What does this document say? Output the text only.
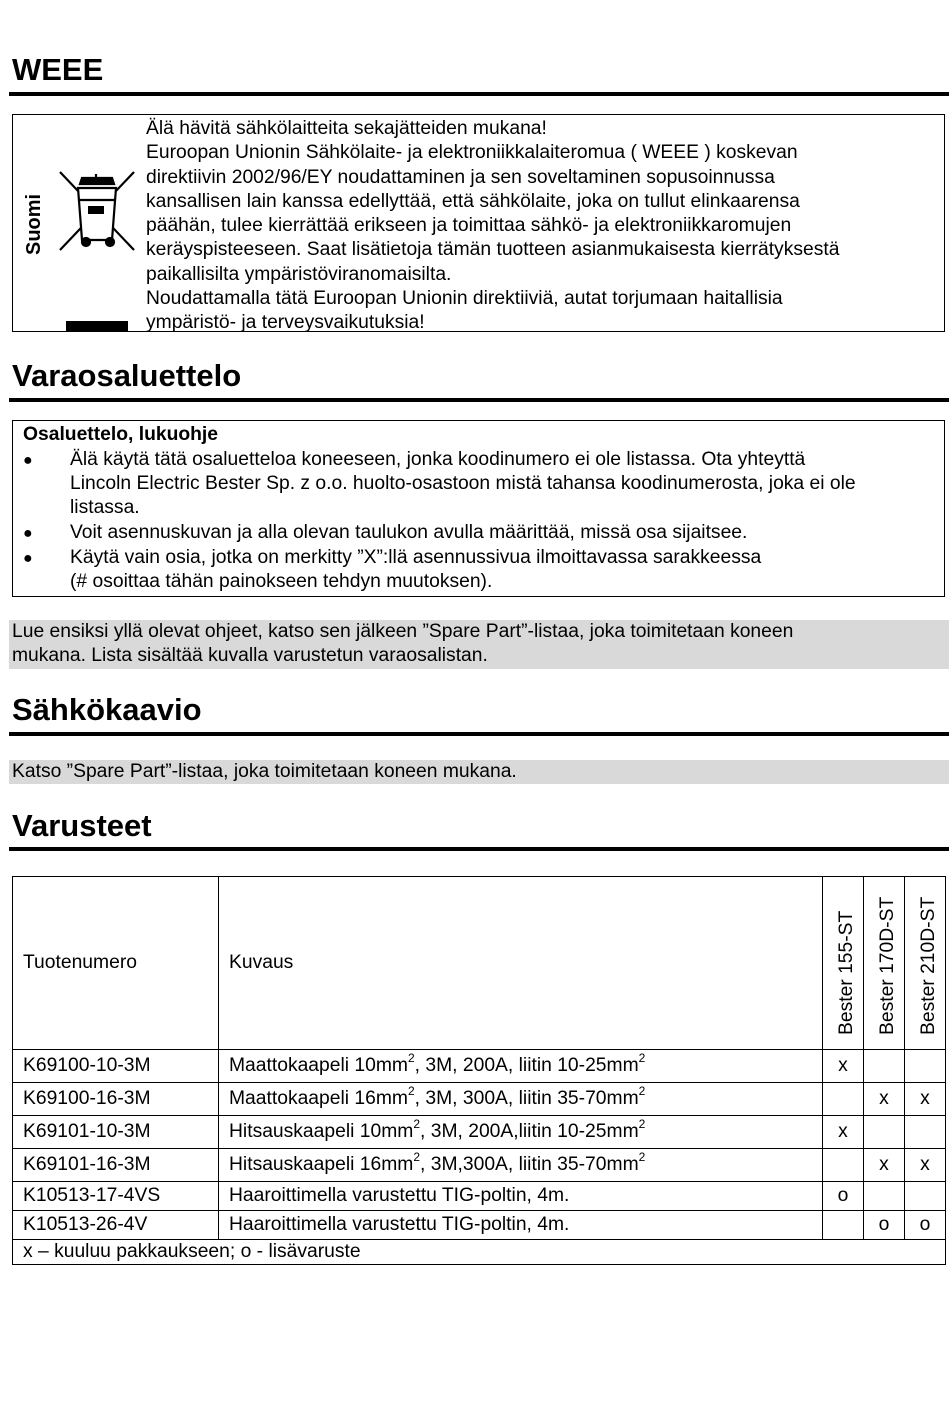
WEEE
Suomi
Älä hävitä sähkölaitteita sekajätteiden mukana!
Euroopan Unionin Sähkölaite- ja elektroniikkalaiteromua ( WEEE ) koskevan
direktiivin 2002/96/EY noudattaminen ja sen soveltaminen sopusoinnussa
kansallisen lain kanssa edellyttää, että sähkölaite, joka on tullut elinkaarensa
päähän, tulee kierrättää erikseen ja toimittaa sähkö- ja elektroniikkaromujen
keräyspisteeseen. Saat lisätietoja tämän tuotteen asianmukaisesta kierrätyksestä
paikallisilta ympäristöviranomaisilta.
Noudattamalla tätä Euroopan Unionin direktiiviä, autat torjumaan haitallisia
ympäristö- ja terveysvaikutuksia!
Varaosaluettelo
Osaluettelo, lukuohje
● Älä käytä tätä osaluetteloa koneeseen, jonka koodinumero ei ole listassa. Ota yhteyttä
Lincoln Electric Bester Sp. z o.o. huolto-osastoon mistä tahansa koodinumerosta, joka ei ole
listassa.
● Voit asennuskuvan ja alla olevan taulukon avulla määrittää, missä osa sijaitsee.
● Käytä vain osia, jotka on merkitty ”X”:llä asennussivua ilmoittavassa sarakkeessa
(# osoittaa tähän painokseen tehdyn muutoksen).
Lue ensiksi yllä olevat ohjeet, katso sen jälkeen ”Spare Part”-listaa, joka toimitetaan koneen
mukana. Lista sisältää kuvalla varustetun varaosalistan.
Sähkökaavio
Katso ”Spare Part”-listaa, joka toimitetaan koneen mukana.
Varusteet
Tuotenumero	Kuvaus	Bester 155-ST	Bester 170D-ST	Bester 210D-ST

K69100-10-3M	Maattokaapeli $10mm^2$, 3M, 200A, liitin $10-25mm^2$	x		
K69100-16-3M	Maattokaapeli $16mm^2$, 3M, 300A, liitin $35-70mm^2$		x	x
K69101-10-3M	Hitsauskaapeli $10mm^2$, 3M, 200A,liitin $10-25mm^2$	x		
K69101-16-3M	Hitsauskaapeli $16mm^2$, 3M,300A, liitin $35-70mm^2$		x	x
K10513-17-4VS	Haaroittimella varustettu TIG-poltin, 4m.	o		
K10513-26-4V	Haaroittimella varustettu TIG-poltin, 4m.		o	o
x – kuuluu pakkaukseen; o - lisävaruste				
